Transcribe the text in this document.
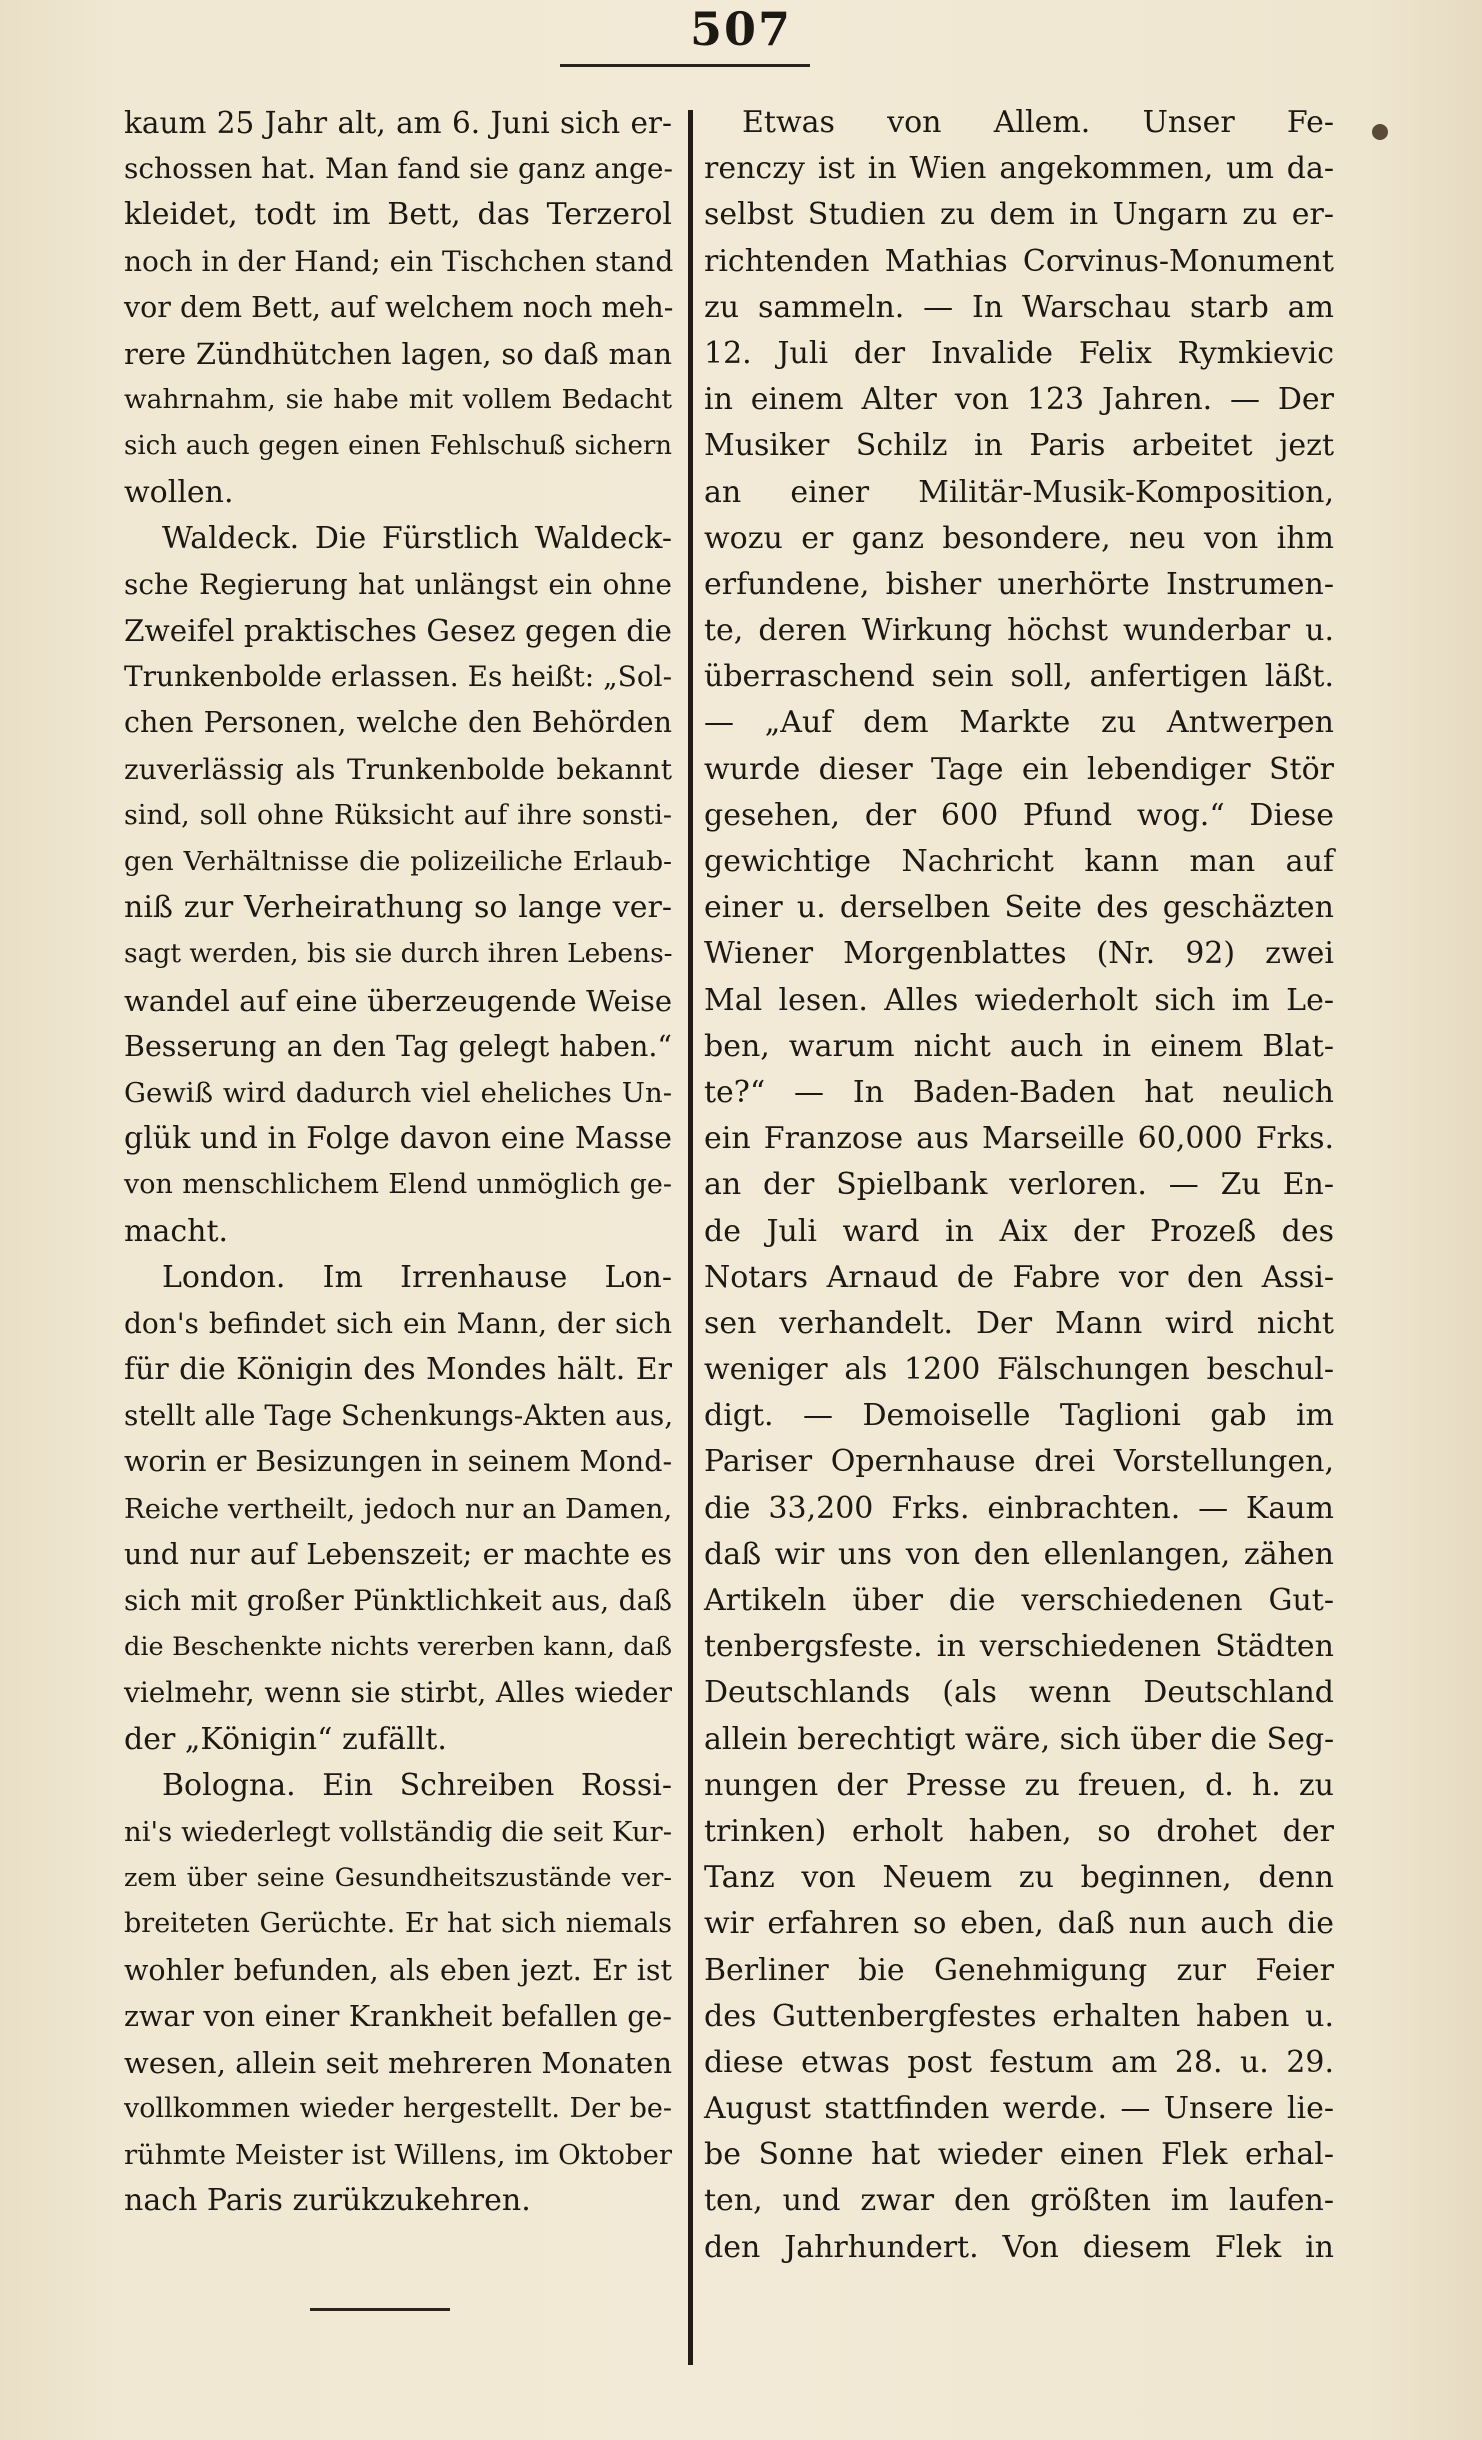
507
kaum 25 Jahr alt, am 6. Juni sich er-
schossen hat. Man fand sie ganz ange-
kleidet, todt im Bett, das Terzerol
noch in der Hand; ein Tischchen stand
vor dem Bett, auf welchem noch meh-
rere Zündhütchen lagen, so daß man
wahrnahm, sie habe mit vollem Bedacht
sich auch gegen einen Fehlschuß sichern
wollen.
Waldeck. Die Fürstlich Waldeck-
sche Regierung hat unlängst ein ohne
Zweifel praktisches Gesez gegen die
Trunkenbolde erlassen. Es heißt: „Sol-
chen Personen, welche den Behörden
zuverlässig als Trunkenbolde bekannt
sind, soll ohne Rüksicht auf ihre sonsti-
gen Verhältnisse die polizeiliche Erlaub-
niß zur Verheirathung so lange ver-
sagt werden, bis sie durch ihren Lebens-
wandel auf eine überzeugende Weise
Besserung an den Tag gelegt haben.“
Gewiß wird dadurch viel eheliches Un-
glük und in Folge davon eine Masse
von menschlichem Elend unmöglich ge-
macht.
London. Im Irrenhause Lon-
don's befindet sich ein Mann, der sich
für die Königin des Mondes hält. Er
stellt alle Tage Schenkungs-Akten aus,
worin er Besizungen in seinem Mond-
Reiche vertheilt, jedoch nur an Damen,
und nur auf Lebenszeit; er machte es
sich mit großer Pünktlichkeit aus, daß
die Beschenkte nichts vererben kann, daß
vielmehr, wenn sie stirbt, Alles wieder
der „Königin“ zufällt.
Bologna. Ein Schreiben Rossi-
ni's wiederlegt vollständig die seit Kur-
zem über seine Gesundheitszustände ver-
breiteten Gerüchte. Er hat sich niemals
wohler befunden, als eben jezt. Er ist
zwar von einer Krankheit befallen ge-
wesen, allein seit mehreren Monaten
vollkommen wieder hergestellt. Der be-
rühmte Meister ist Willens, im Oktober
nach Paris zurükzukehren.
Etwas von Allem. Unser Fe-
renczy ist in Wien angekommen, um da-
selbst Studien zu dem in Ungarn zu er-
richtenden Mathias Corvinus-Monument
zu sammeln. — In Warschau starb am
12. Juli der Invalide Felix Rymkievic
in einem Alter von 123 Jahren. — Der
Musiker Schilz in Paris arbeitet jezt
an einer Militär-Musik-Komposition,
wozu er ganz besondere, neu von ihm
erfundene, bisher unerhörte Instrumen-
te, deren Wirkung höchst wunderbar u.
überraschend sein soll, anfertigen läßt.
— „Auf dem Markte zu Antwerpen
wurde dieser Tage ein lebendiger Stör
gesehen, der 600 Pfund wog.“ Diese
gewichtige Nachricht kann man auf
einer u. derselben Seite des geschäzten
Wiener Morgenblattes (Nr. 92) zwei
Mal lesen. Alles wiederholt sich im Le-
ben, warum nicht auch in einem Blat-
te?“ — In Baden-Baden hat neulich
ein Franzose aus Marseille 60,000 Frks.
an der Spielbank verloren. — Zu En-
de Juli ward in Aix der Prozeß des
Notars Arnaud de Fabre vor den Assi-
sen verhandelt. Der Mann wird nicht
weniger als 1200 Fälschungen beschul-
digt. — Demoiselle Taglioni gab im
Pariser Opernhause drei Vorstellungen,
die 33,200 Frks. einbrachten. — Kaum
daß wir uns von den ellenlangen, zähen
Artikeln über die verschiedenen Gut-
tenbergsfeste. in verschiedenen Städten
Deutschlands (als wenn Deutschland
allein berechtigt wäre, sich über die Seg-
nungen der Presse zu freuen, d. h. zu
trinken) erholt haben, so drohet der
Tanz von Neuem zu beginnen, denn
wir erfahren so eben, daß nun auch die
Berliner bie Genehmigung zur Feier
des Guttenbergfestes erhalten haben u.
diese etwas post festum am 28. u. 29.
August stattfinden werde. — Unsere lie-
be Sonne hat wieder einen Flek erhal-
ten, und zwar den größten im laufen-
den Jahrhundert. Von diesem Flek in
